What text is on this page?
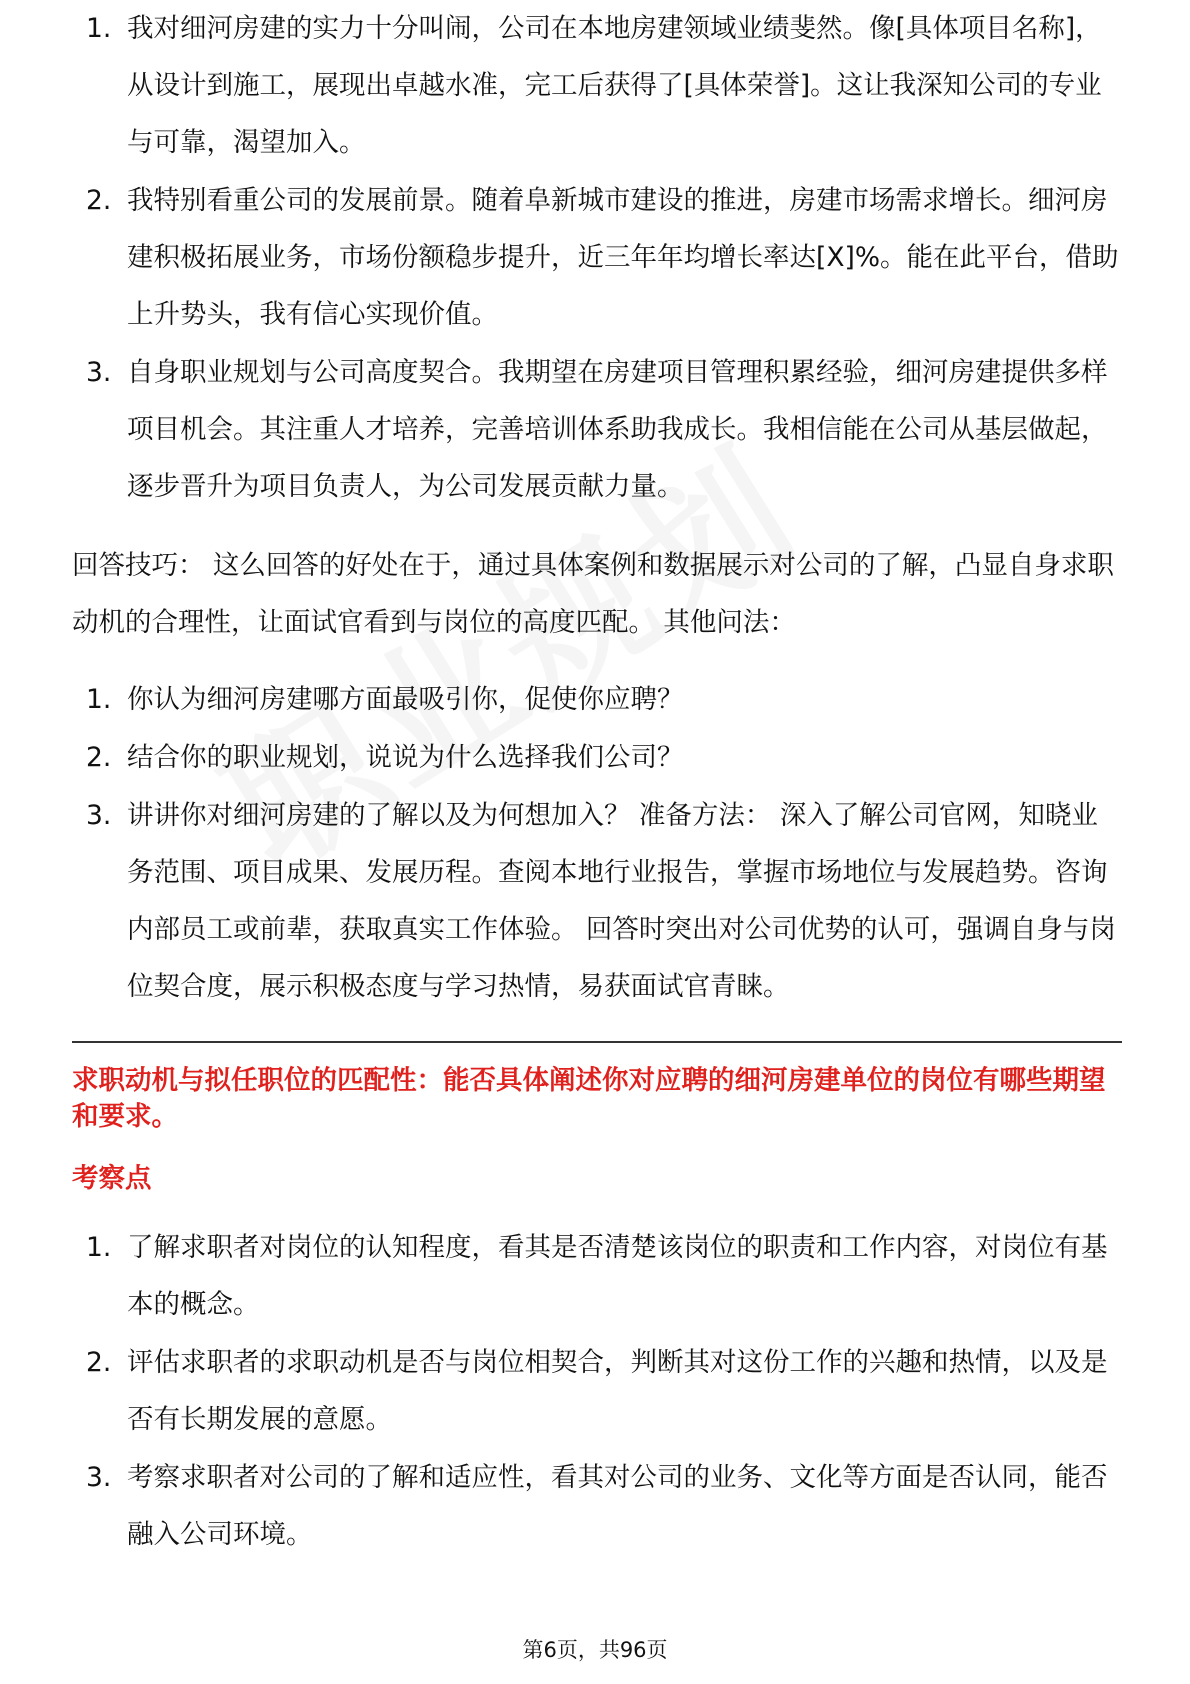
1. 我对细河房建的实力十分叫闹，公司在本地房建领域业绩斐然。像[具体项目名称]，从设计到施工，展现出卓越水准，完工后获得了[具体荣誉]。这让我深知公司的专业与可靠，渴望加入。
2. 我特别看重公司的发展前景。随着阜新城市建设的推进，房建市场需求增长。细河房建积极拓展业务，市场份额稳步提升，近三年年均增长率达[X]%。能在此平台，借助上升势头，我有信心实现价值。
3. 自身职业规划与公司高度契合。我期望在房建项目管理积累经验，细河房建提供多样项目机会。其注重人才培养，完善培训体系助我成长。我相信能在公司从基层做起，逐步晋升为项目负责人，为公司发展贡献力量。

回答技巧： 这么回答的好处在于，通过具体案例和数据展示对公司的了解，凸显自身求职动机的合理性，让面试官看到与岗位的高度匹配。 其他问法：

1. 你认为细河房建哪方面最吸引你，促使你应聘？
2. 结合你的职业规划，说说为什么选择我们公司？
3. 讲讲你对细河房建的了解以及为何想加入？ 准备方法： 深入了解公司官网，知晓业务范围、项目成果、发展历程。查阅本地行业报告，掌握市场地位与发展趋势。咨询内部员工或前辈，获取真实工作体验。 回答时突出对公司优势的认可，强调自身与岗位契合度，展示积极态度与学习热情，易获面试官青睐。
求职动机与拟任职位的匹配性：能否具体阐述你对应聘的细河房建单位的岗位有哪些期望和要求。
考察点
1. 了解求职者对岗位的认知程度，看其是否清楚该岗位的职责和工作内容，对岗位有基本的概念。
2. 评估求职者的求职动机是否与岗位相契合，判断其对这份工作的兴趣和热情，以及是否有长期发展的意愿。
3. 考察求职者对公司的了解和适应性，看其对公司的业务、文化等方面是否认同，能否融入公司环境。
第6页，共96页
